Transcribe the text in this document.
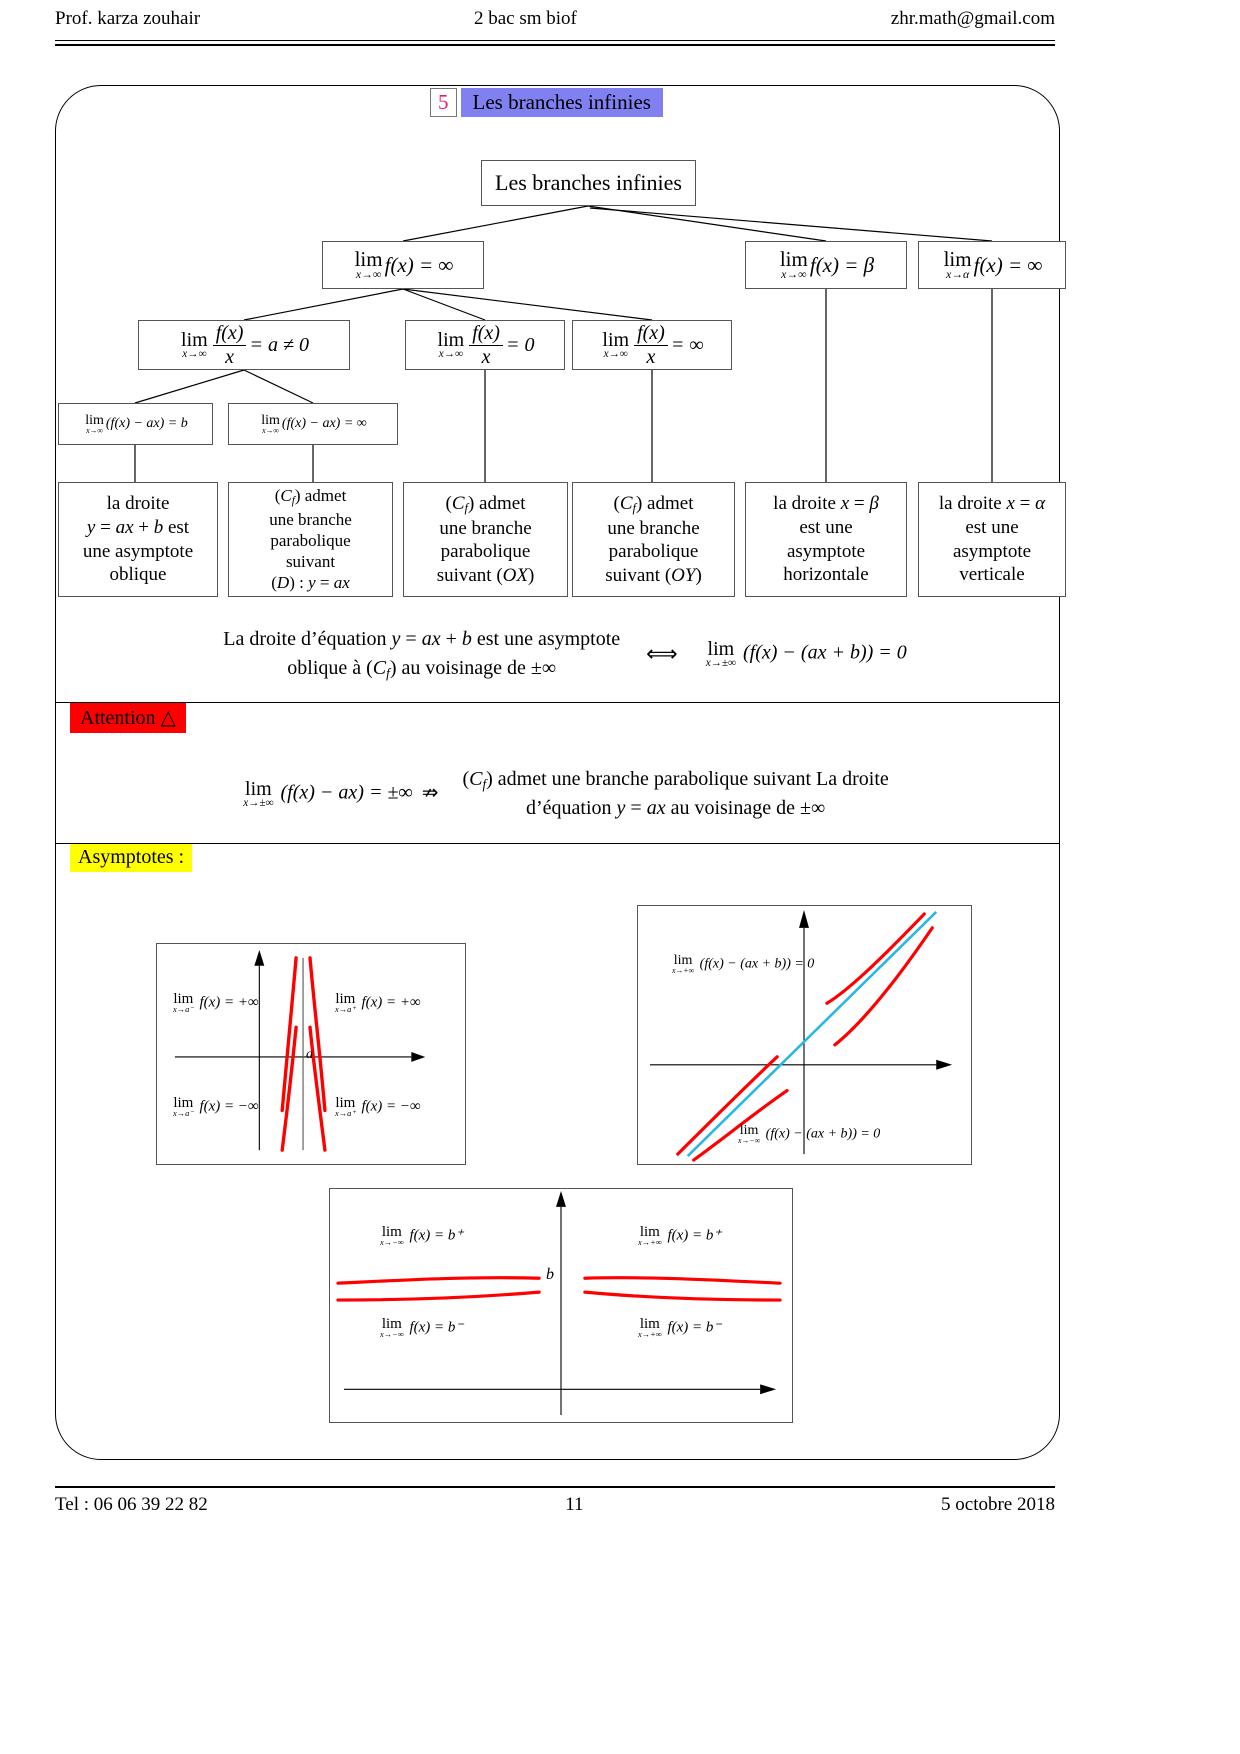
Prof. karza zouhair	2 bac sm biof	zhr.math@gmail.com
5	Les branches infinies
Les branches infinies
lim
x→∞ f(x) = ∞	lim
x→∞ f(x) = β	lim
x→α f(x) = ∞
lim
$x\to\infty \frac{f(x)}{x} = a \ne 0$	lim
$x\to\infty \frac{f(x)}{x} = 0$	lim
$x\to\infty \frac{f(x)}{x}$ = ∞
lim
x→∞ (f(x) − ax) = b	lim
x→∞ (f(x) − ax) = ∞
la droite
y = ax + b est
une asymptote
oblique
$(C_f)$ admet
une branche
parabolique
suivant
(D) : y = ax
$(C_f)$ admet
une branche
parabolique
suivant (OX)
$(C_f)$ admet
une branche
parabolique
suivant (OY)
la droite x = β
est une
asymptote
horizontale
la droite x = α
est une
asymptote
verticale
La droite d’équation y = ax + b est une asymptote
oblique à $(C_f)$ au voisinage de ±∞
⟺ lim
x→±∞ (f(x) − (ax + b)) = 0
Attention △
lim
x→±∞ (f(x) − ax) = ±∞ ⇏
$(C_f)$ admet une branche parabolique suivant La droite
d’équation y = ax au voisinage de ±∞
Asymptotes :
lim
x→a⁻ f(x) = +∞	lim
x→a⁺ f(x) = +∞
lim
x→a⁻ f(x) = −∞	lim
x→a⁺ f(x) = −∞
a
lim
x→+∞ (f(x) − (ax + b)) = 0
lim
x→−∞ (f(x) − (ax + b)) = 0
lim
x→−∞ f(x) = b⁺	lim
x→+∞ f(x) = b⁺
lim
x→−∞ f(x) = b⁻	lim
x→+∞ f(x) = b⁻
b
Tel : 06 06 39 22 82	11	5 octobre 2018
